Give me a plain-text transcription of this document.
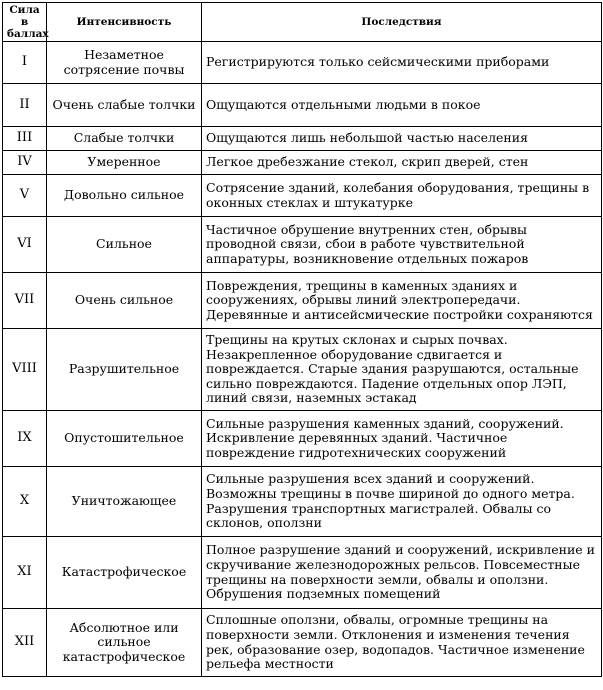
Сила в баллах	Интенсивность	Последствия
I	Незаметное сотрясение почвы	Регистрируются только сейсмическими приборами
II	Очень слабые толчки	Ощущаются отдельными людьми в покое
III	Слабые толчки	Ощущаются лишь небольшой частью населения
IV	Умеренное	Легкое дребезжание стекол, скрип дверей, стен
V	Довольно сильное	Сотрясение зданий, колебания оборудования, трещины в оконных стеклах и штукатурке
VI	Сильное	Частичное обрушение внутренних стен, обрывы проводной связи, сбои в работе чувствительной аппаратуры, возникновение отдельных пожаров
VII	Очень сильное	Повреждения, трещины в каменных зданиях и сооружениях, обрывы линий электропередачи. Деревянные и антисейсмические постройки сохраняются
VIII	Разрушительное	Трещины на крутых склонах и сырых почвах. Незакрепленное оборудование сдвигается и повреждается. Старые здания разрушаются, остальные сильно повреждаются. Падение отдельных опор ЛЭП, линий связи, наземных эстакад
IX	Опустошительное	Сильные разрушения каменных зданий, сооружений. Искривление деревянных зданий. Частичное повреждение гидротехнических сооружений
X	Уничтожающее	Сильные разрушения всех зданий и сооружений. Возможны трещины в почве шириной до одного метра. Разрушения транспортных магистралей. Обвалы со склонов, оползни
XI	Катастрофическое	Полное разрушение зданий и сооружений, искривление и скручивание железнодорожных рельсов. Повсеместные трещины на поверхности земли, обвалы и оползни. Обрушения подземных помещений
XII	Абсолютное или сильное катастрофическое	Сплошные оползни, обвалы, огромные трещины на поверхности земли. Отклонения и изменения течения рек, образование озер, водопадов. Частичное изменение рельефа местности
